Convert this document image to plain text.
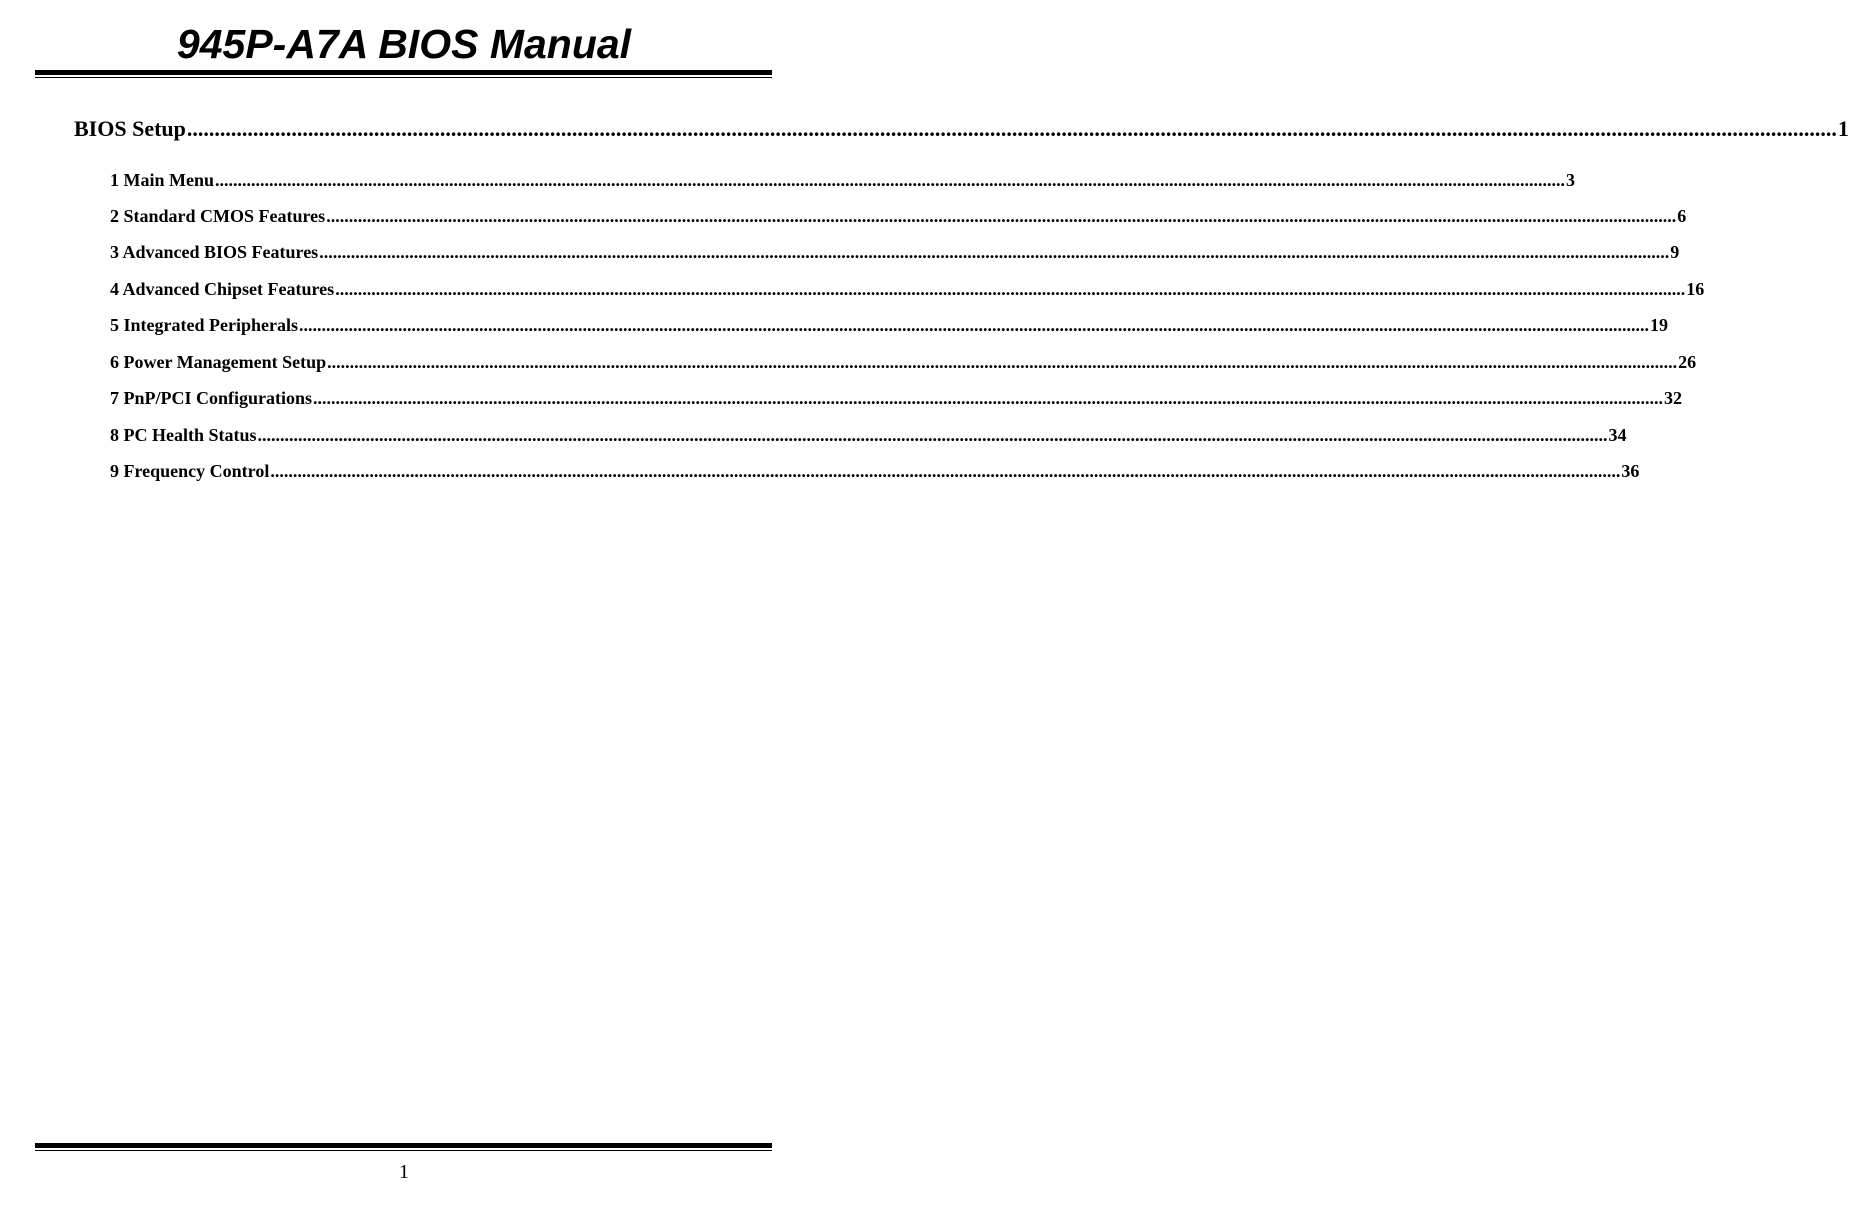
945P-A7A BIOS Manual
BIOS Setup ............................................................................................................................................................................................................................................................................................................ 1
1 Main Menu ............................................................................................................................................................................................................................................................................................................ 3
2 Standard CMOS Features ............................................................................................................................................................................................................................................................................................................ 6
3 Advanced BIOS Features ............................................................................................................................................................................................................................................................................................................ 9
4 Advanced Chipset Features ............................................................................................................................................................................................................................................................................................................ 16
5 Integrated Peripherals ............................................................................................................................................................................................................................................................................................................ 19
6 Power Management Setup ............................................................................................................................................................................................................................................................................................................ 26
7 PnP/PCI Configurations ............................................................................................................................................................................................................................................................................................................ 32
8 PC Health Status ............................................................................................................................................................................................................................................................................................................ 34
9 Frequency Control ............................................................................................................................................................................................................................................................................................................ 36
1
